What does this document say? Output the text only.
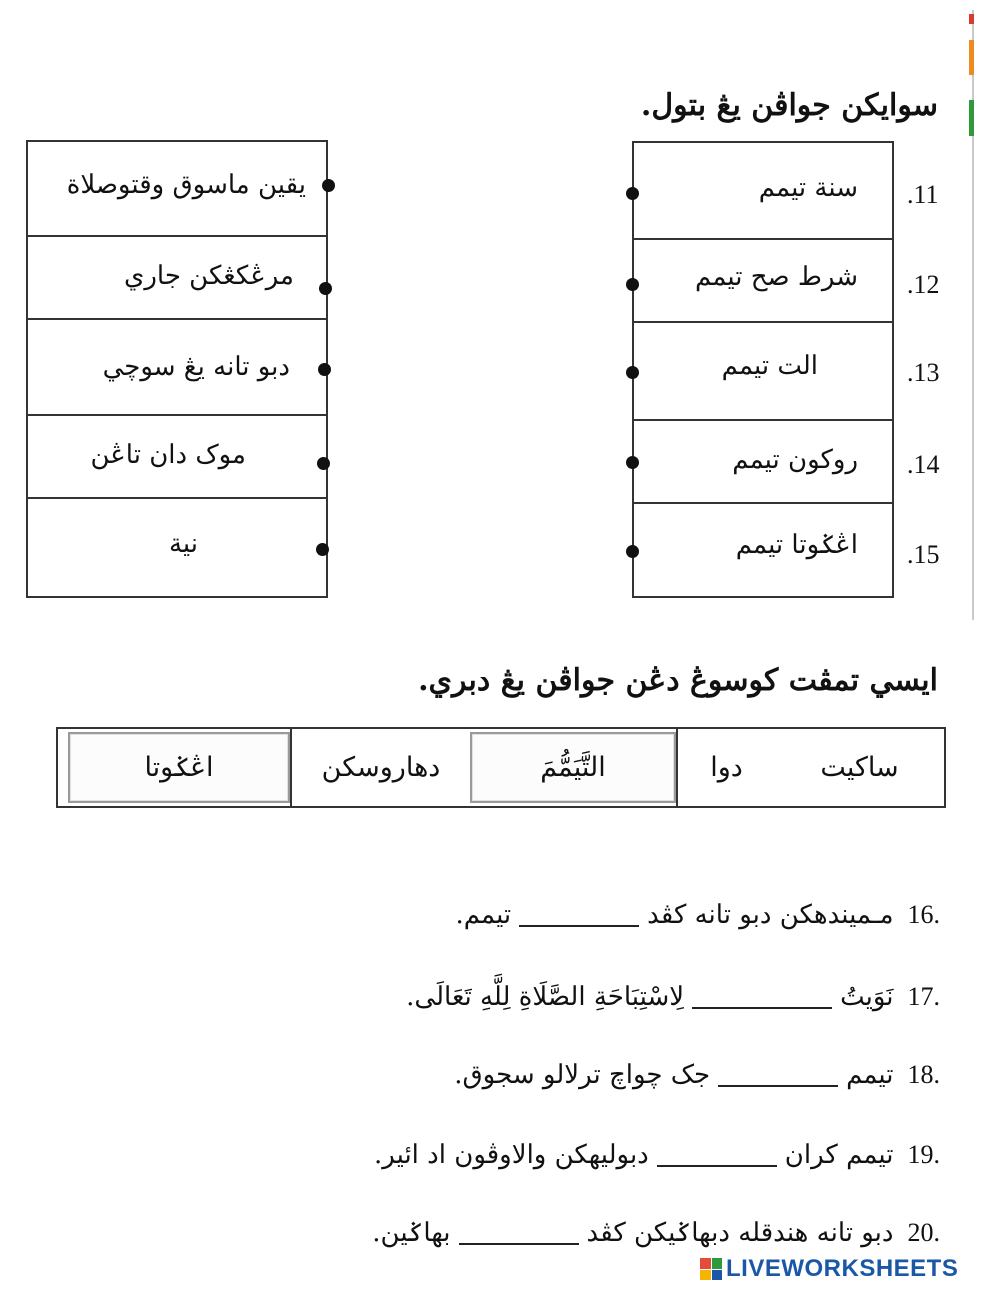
سوايكن جواڤن يڠ بتول.
يقين ماسوق وقتوصلاة
مرڠكڠكن جاري
دبو تانه يڠ سوچي
موک دان تاڠن
نية
سنة تيمم
شرط صح تيمم
الت تيمم
روکون تيمم
اڠݢوتا تيمم
.11
.12
.13
.14
.15
ايسي تمڤت کوسوڠ دڠن جواڤن يڠ دبري.
ساکيت
دوا
التَّيَمُّمَ
دهاروسکن
اڠݢوتا
16.
مـميندهکن دبو تانه کڤد
تيمم.
17.
نَوَيتُ
لِاسْتِبَاحَةِ الصَّلَاةِ لِلَّهِ تَعَالَى.
18.
تيمم
جک چواچ ترلالو سجوق.
19.
تيمم کران
دبوليهکن والاوڤون اد ائير.
20.
دبو تانه هندقله دبهاݢيکن کڤد
بهاݢين.
LIVEWORKSHEETS
